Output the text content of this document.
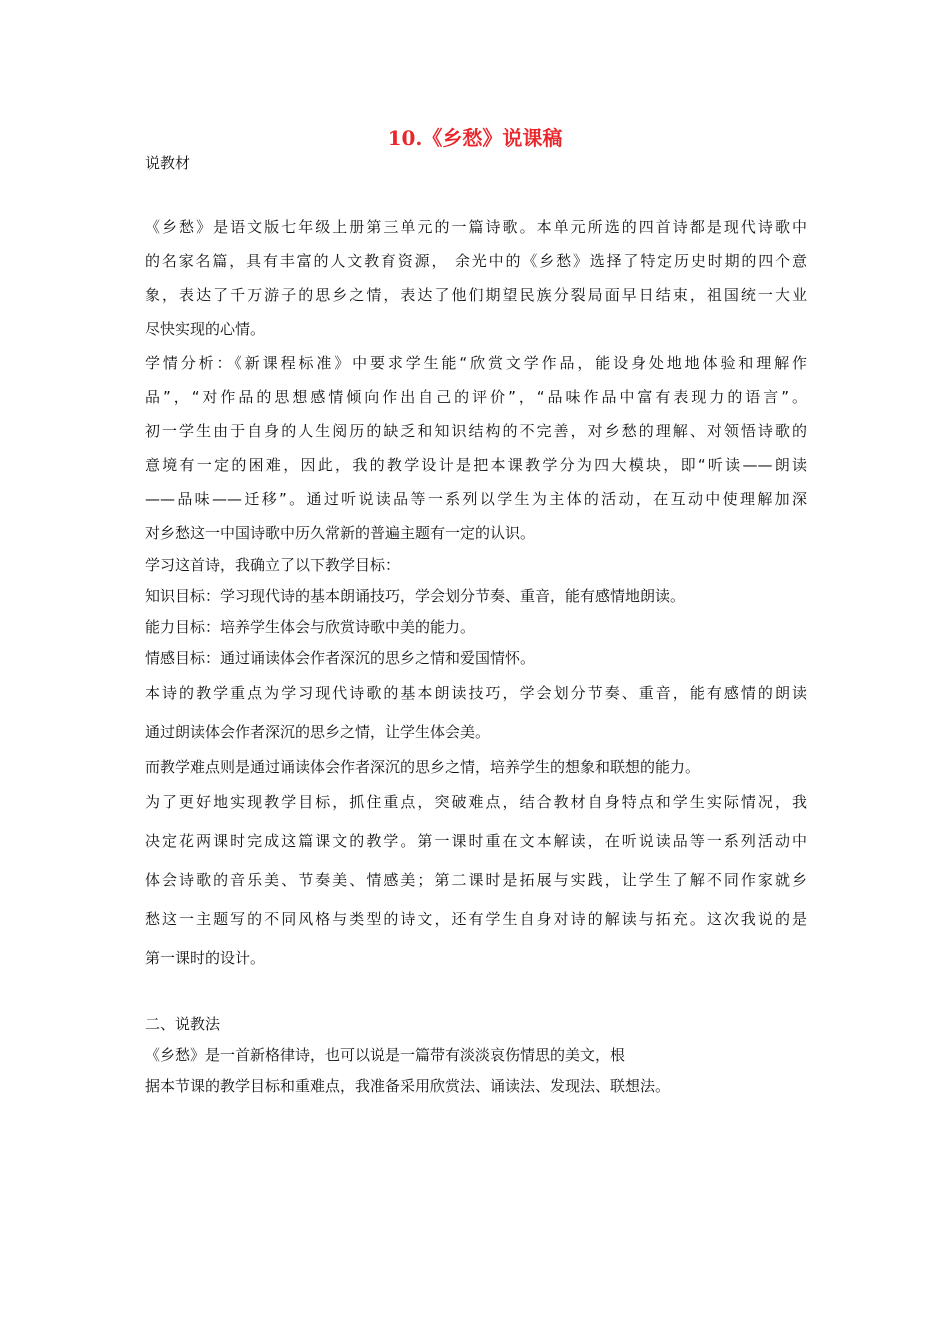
10.《乡愁》说课稿

说教材

《乡愁》是语文版七年级上册第三单元的一篇诗歌。本单元所选的四首诗都是现代诗歌中

的名家名篇，具有丰富的人文教育资源， 余光中的《乡愁》选择了特定历史时期的四个意

象，表达了千万游子的思乡之情，表达了他们期望民族分裂局面早日结束，祖国统一大业

尽快实现的心情。

学情分析：《新课程标准》中要求学生能“欣赏文学作品，能设身处地地体验和理解作

品”，“对作品的思想感情倾向作出自己的评价”，“品味作品中富有表现力的语言”。

初一学生由于自身的人生阅历的缺乏和知识结构的不完善，对乡愁的理解、对领悟诗歌的

意境有一定的困难，因此，我的教学设计是把本课教学分为四大模块，即“听读——朗读

——品味——迁移”。通过听说读品等一系列以学生为主体的活动，在互动中使理解加深

对乡愁这一中国诗歌中历久常新的普遍主题有一定的认识。

学习这首诗，我确立了以下教学目标：

知识目标：学习现代诗的基本朗诵技巧，学会划分节奏、重音，能有感情地朗读。

能力目标：培养学生体会与欣赏诗歌中美的能力。

情感目标：通过诵读体会作者深沉的思乡之情和爱国情怀。

本诗的教学重点为学习现代诗歌的基本朗读技巧，学会划分节奏、重音，能有感情的朗读

通过朗读体会作者深沉的思乡之情，让学生体会美。

而教学难点则是通过诵读体会作者深沉的思乡之情，培养学生的想象和联想的能力。

为了更好地实现教学目标，抓住重点，突破难点，结合教材自身特点和学生实际情况，我

决定花两课时完成这篇课文的教学。第一课时重在文本解读，在听说读品等一系列活动中

体会诗歌的音乐美、节奏美、情感美；第二课时是拓展与实践，让学生了解不同作家就乡

愁这一主题写的不同风格与类型的诗文，还有学生自身对诗的解读与拓充。这次我说的是

第一课时的设计。

二、说教法

《乡愁》是一首新格律诗，也可以说是一篇带有淡淡哀伤情思的美文，根

据本节课的教学目标和重难点，我准备采用欣赏法、诵读法、发现法、联想法。
